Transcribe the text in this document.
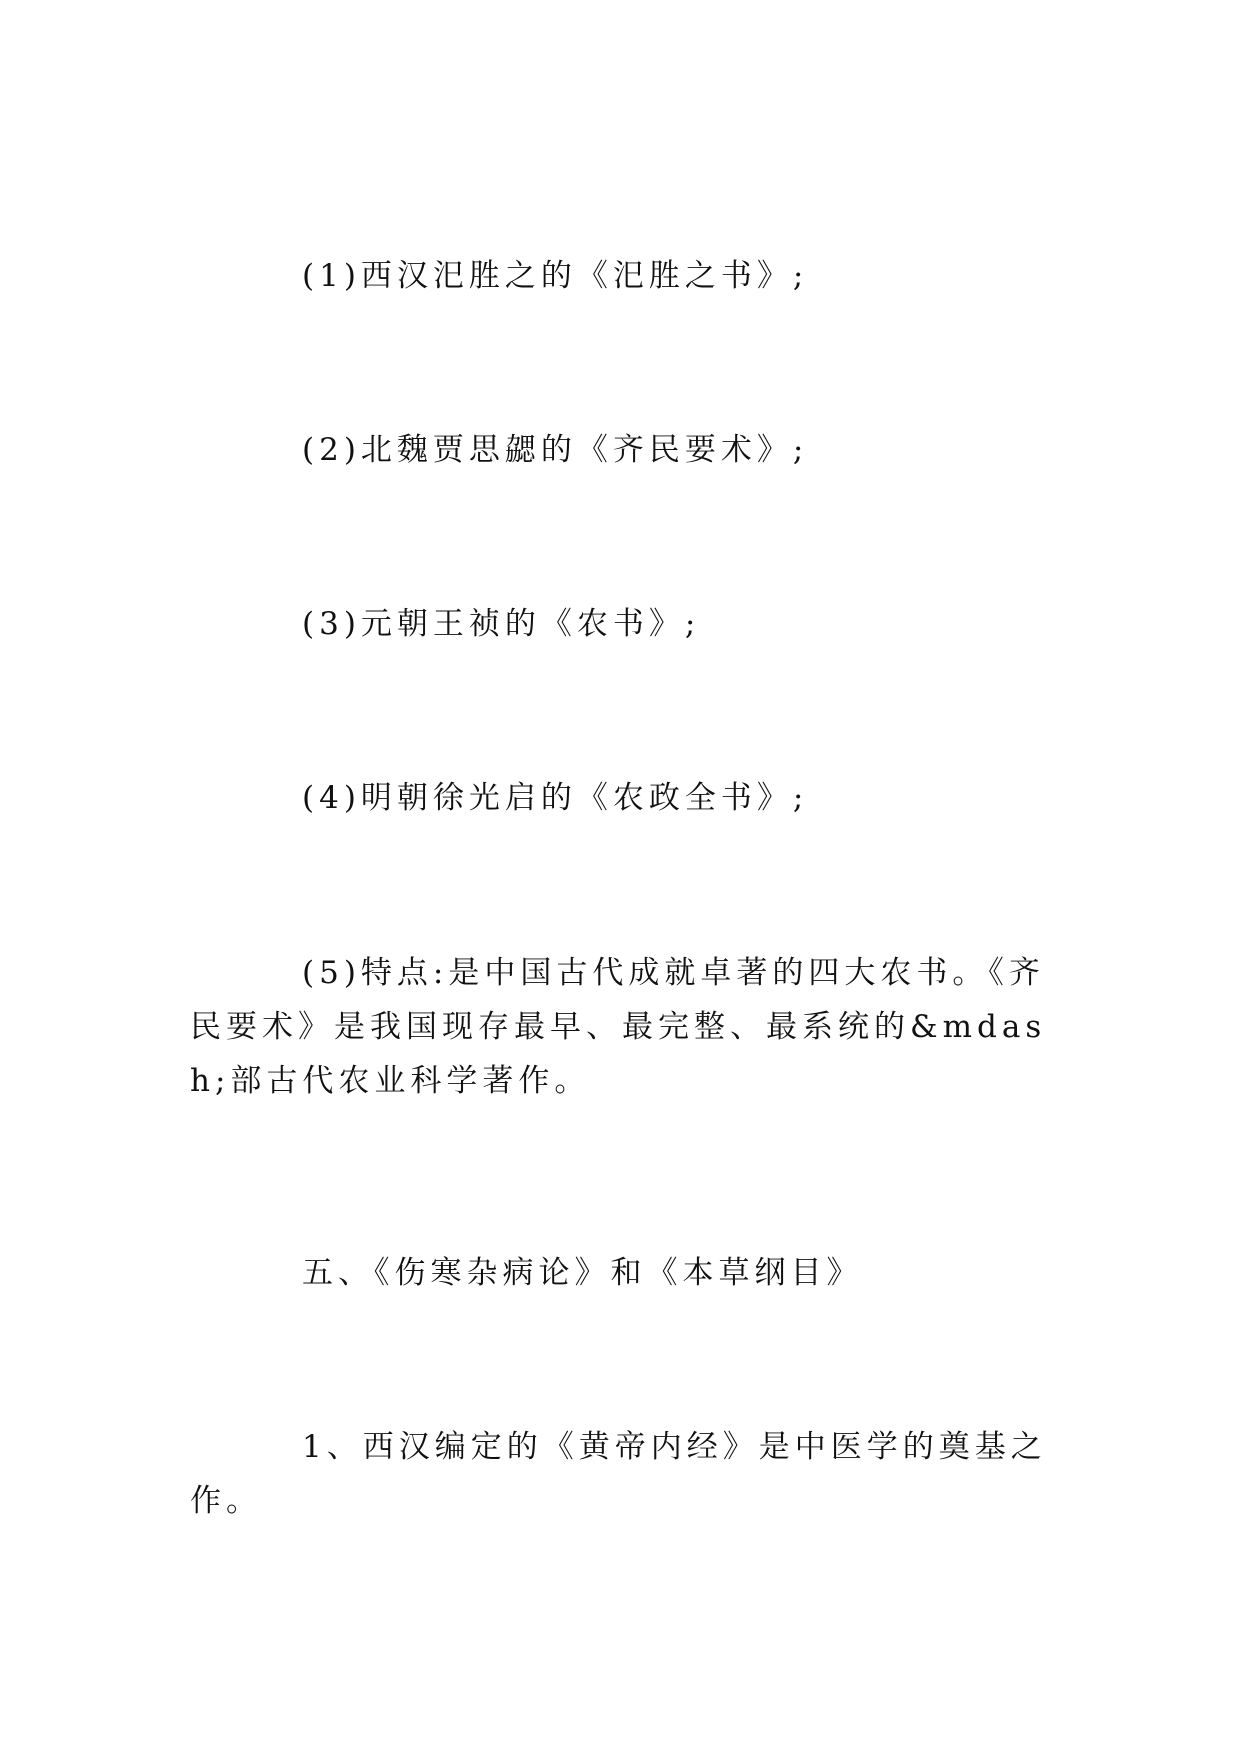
(1)西汉汜胜之的《汜胜之书》;

(2)北魏贾思勰的《齐民要术》;

(3)元朝王祯的《农书》;

(4)明朝徐光启的《农政全书》;

(5)特点:是中国古代成就卓著的四大农书。《齐民要术》是我国现存最早、最完整、最系统的&mdash;部古代农业科学著作。

五、《伤寒杂病论》和《本草纲目》

1、西汉编定的《黄帝内经》是中医学的奠基之作。
